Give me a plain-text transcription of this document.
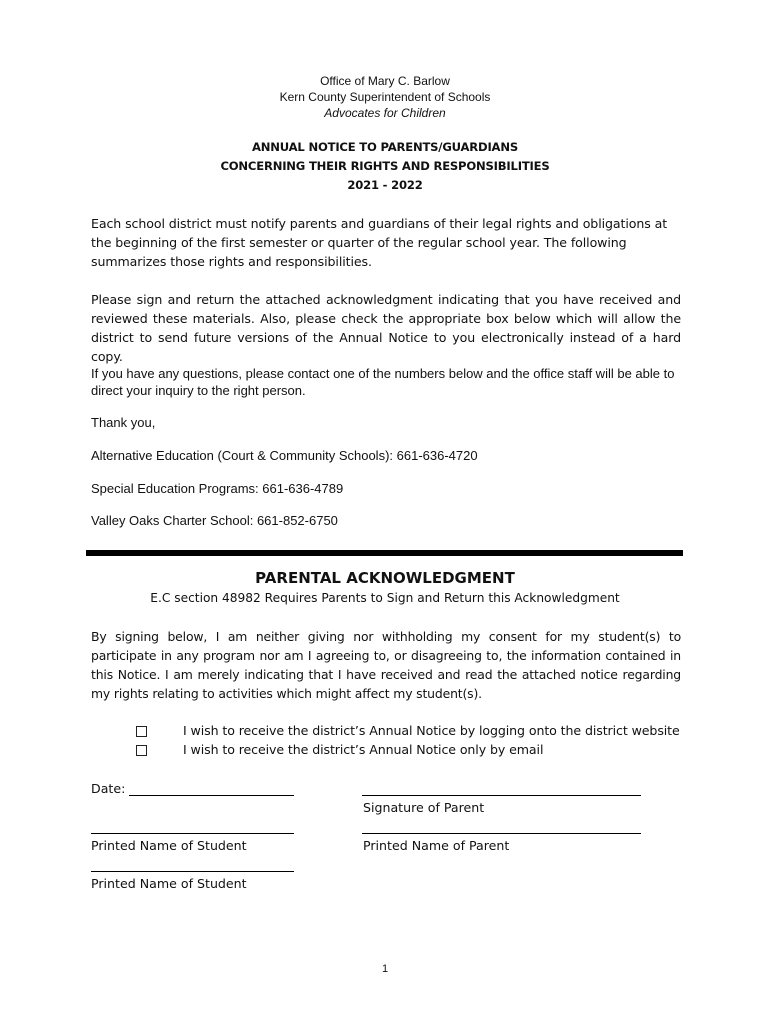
Office of Mary C. Barlow
Kern County Superintendent of Schools
Advocates for Children
ANNUAL NOTICE TO PARENTS/GUARDIANS
CONCERNING THEIR RIGHTS AND RESPONSIBILITIES
2021 - 2022
Each school district must notify parents and guardians of their legal rights and obligations at the beginning of the first semester or quarter of the regular school year. The following summarizes those rights and responsibilities.
Please sign and return the attached acknowledgment indicating that you have received and reviewed these materials. Also, please check the appropriate box below which will allow the district to send future versions of the Annual Notice to you electronically instead of a hard copy.
If you have any questions, please contact one of the numbers below and the office staff will be able to direct your inquiry to the right person.
Thank you,
Alternative Education (Court & Community Schools): 661-636-4720
Special Education Programs: 661-636-4789
Valley Oaks Charter School: 661-852-6750
PARENTAL ACKNOWLEDGMENT
E.C section 48982 Requires Parents to Sign and Return this Acknowledgment
By signing below, I am neither giving nor withholding my consent for my student(s) to participate in any program nor am I agreeing to, or disagreeing to, the information contained in this Notice. I am merely indicating that I have received and read the attached notice regarding my rights relating to activities which might affect my student(s).
I wish to receive the district’s Annual Notice by logging onto the district website
I wish to receive the district’s Annual Notice only by email
Date:
Signature of Parent
Printed Name of Student	Printed Name of Parent
Printed Name of Student
1
